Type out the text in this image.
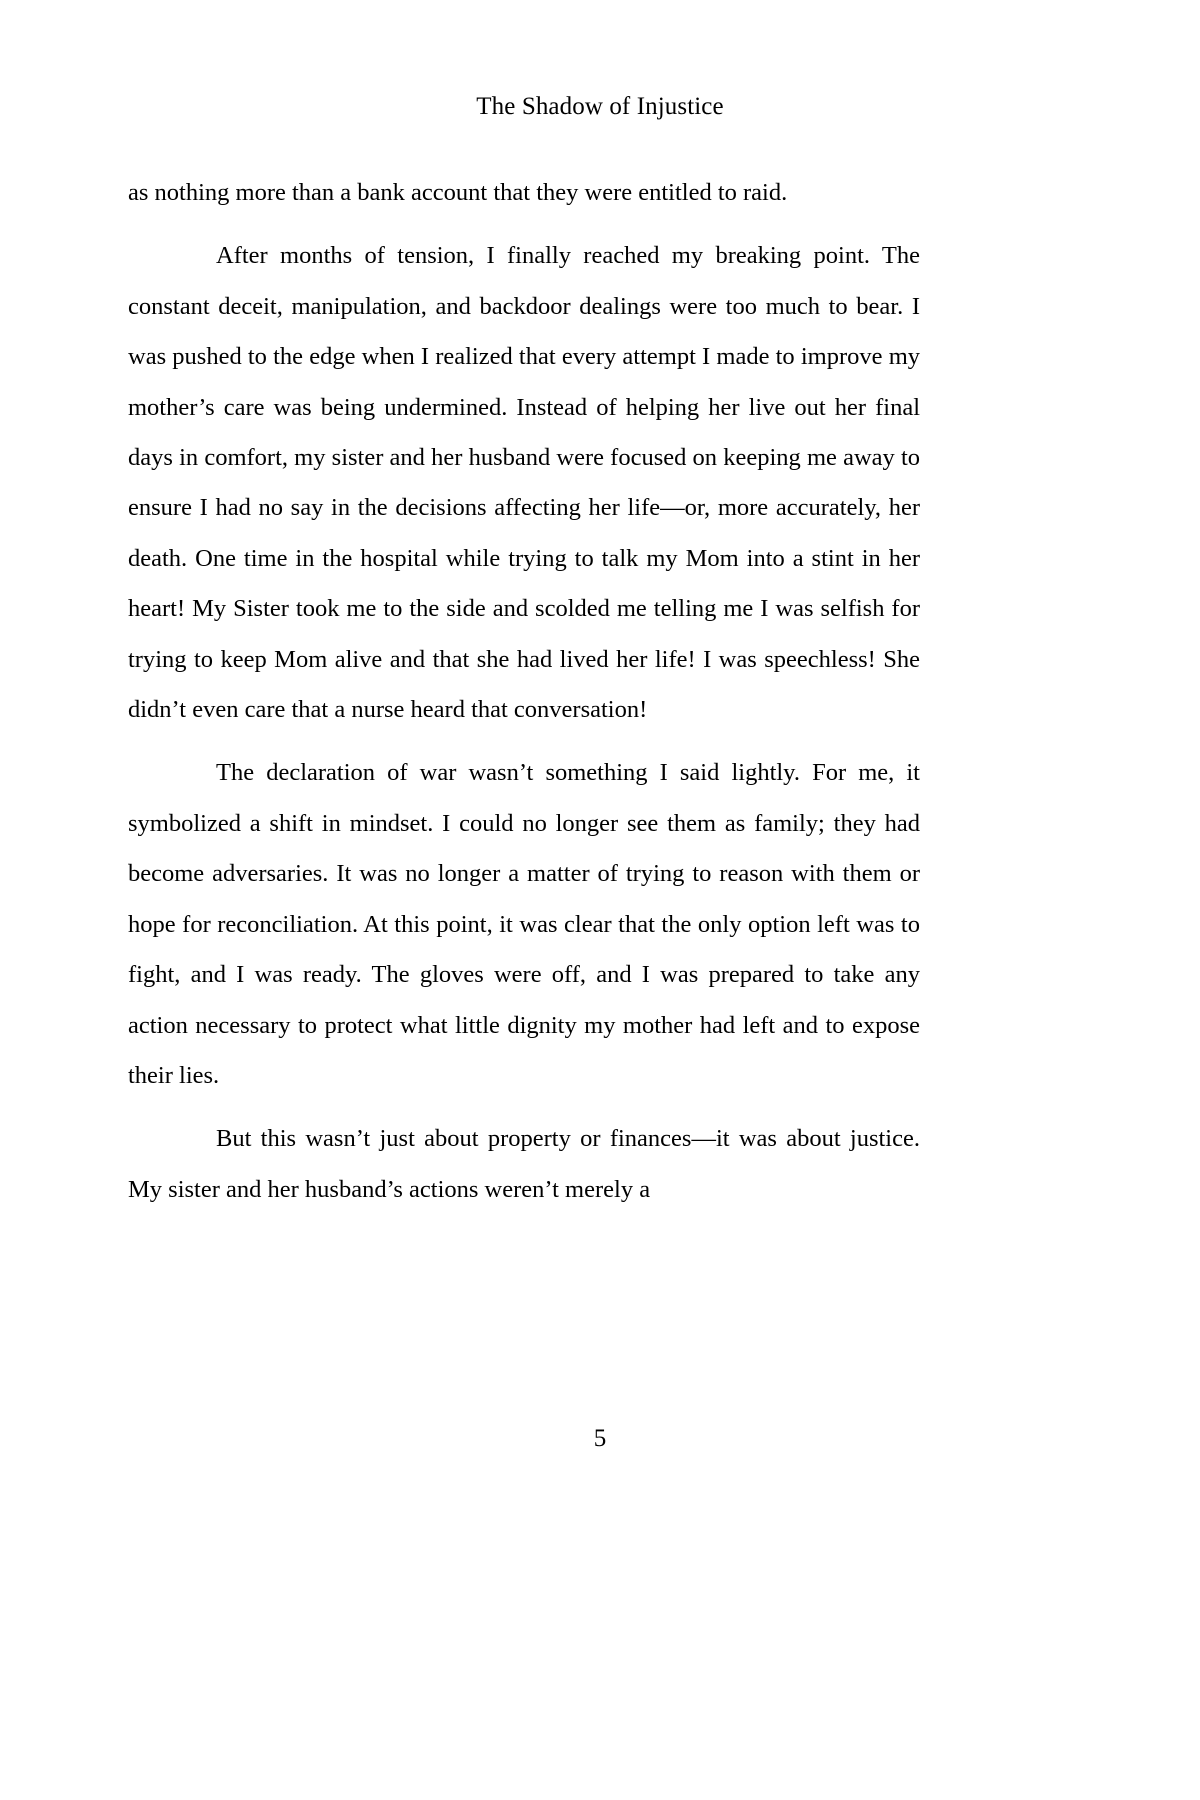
The Shadow of Injustice

as nothing more than a bank account that they were entitled to raid.

After months of tension, I finally reached my breaking point. The constant deceit, manipulation, and backdoor dealings were too much to bear. I was pushed to the edge when I realized that every attempt I made to improve my mother’s care was being undermined. Instead of helping her live out her final days in comfort, my sister and her husband were focused on keeping me away to ensure I had no say in the decisions affecting her life—or, more accurately, her death. One time in the hospital while trying to talk my Mom into a stint in her heart! My Sister took me to the side and scolded me telling me I was selfish for trying to keep Mom alive and that she had lived her life! I was speechless! She didn’t even care that a nurse heard that conversation!

The declaration of war wasn’t something I said lightly. For me, it symbolized a shift in mindset. I could no longer see them as family; they had become adversaries. It was no longer a matter of trying to reason with them or hope for reconciliation. At this point, it was clear that the only option left was to fight, and I was ready. The gloves were off, and I was prepared to take any action necessary to protect what little dignity my mother had left and to expose their lies.

But this wasn’t just about property or finances—it was about justice. My sister and her husband’s actions weren’t merely a

5
